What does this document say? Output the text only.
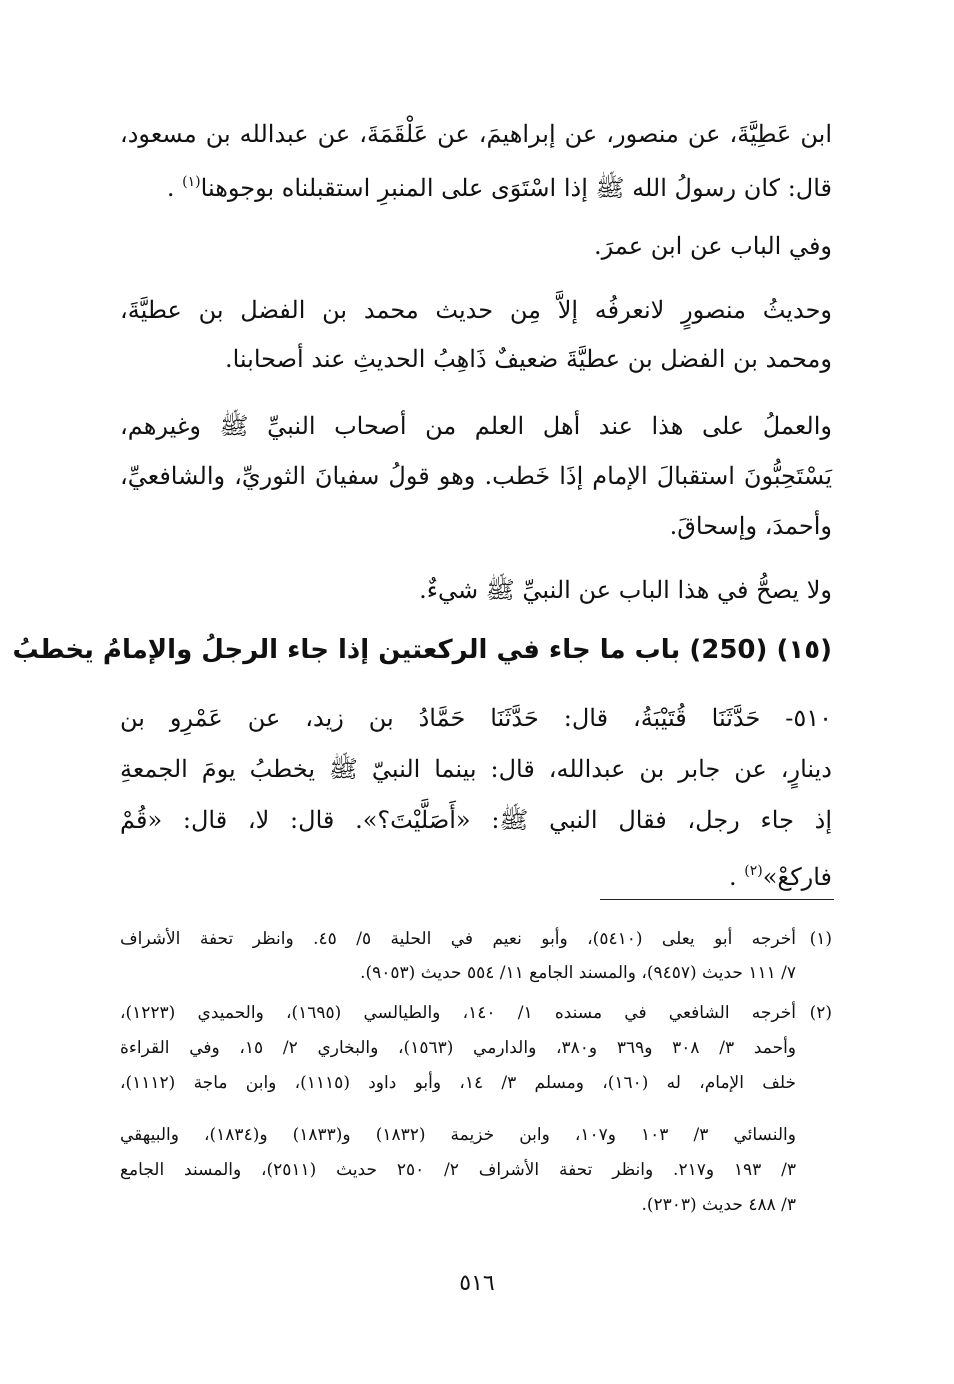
ابن عَطِيَّةَ، عن منصور، عن إبراهيمَ، عن عَلْقَمَةَ، عن عبدالله بن مسعود،
قال: كان رسولُ الله ﷺ إذا اسْتَوَى على المنبرِ استقبلناه بوجوهنا$^{(١)}$ .
وفي الباب عن ابن عمرَ.
وحديثُ منصورٍ لانعرفُه إلاَّ مِن حديث محمد بن الفضل بن عطيَّةَ،
ومحمد بن الفضل بن عطيَّةَ ضعيفٌ ذَاهِبُ الحديثِ عند أصحابنا.
والعملُ على هذا عند أهل العلم من أصحاب النبيِّ ﷺ وغيرهم،
يَسْتَحِبُّونَ استقبالَ الإمام إذَا خَطب. وهو قولُ سفيانَ الثوريِّ، والشافعيِّ،
وأحمدَ، وإسحاقَ.
ولا يصحُّ في هذا الباب عن النبيِّ ﷺ شيءٌ.
(١٥) (250) باب ما جاء في الركعتين إذا جاء الرجلُ والإمامُ يخطبُ
٥١٠- حَدَّثَنَا قُتَيْبَةُ، قال: حَدَّثَنَا حَمَّادُ بن زيد، عن عَمْرِو بن
دينارٍ، عن جابر بن عبدالله، قال: بينما النبيّ ﷺ يخطبُ يومَ الجمعةِ
إذ جاء رجل، فقال النبي ﷺ: «أَصَلَّيْتَ؟». قال: لا، قال: «قُمْ
فاركعْ»$^{(٢)}$ .
(١)
أخرجه أبو يعلى (٥٤١٠)، وأبو نعيم في الحلية ٥/ ٤٥. وانظر تحفة الأشراف
٧/ ١١١ حديث (٩٤٥٧)، والمسند الجامع ١١/ ٥٥٤ حديث (٩٠٥٣).
(٢)
أخرجه الشافعي في مسنده ١/ ١٤٠، والطيالسي (١٦٩٥)، والحميدي (١٢٢٣)،
وأحمد ٣/ ٣٠٨ و٣٦٩ و٣٨٠، والدارمي (١٥٦٣)، والبخاري ٢/ ١٥، وفي القراءة
خلف الإمام، له (١٦٠)، ومسلم ٣/ ١٤، وأبو داود (١١١٥)، وابن ماجة (١١١٢)،
والنسائي ٣/ ١٠٣ و١٠٧، وابن خزيمة (١٨٣٢) و(١٨٣٣) و(١٨٣٤)، والبيهقي
٣/ ١٩٣ و٢١٧. وانظر تحفة الأشراف ٢/ ٢٥٠ حديث (٢٥١١)، والمسند الجامع
٣/ ٤٨٨ حديث (٢٣٠٣).
٥١٦
